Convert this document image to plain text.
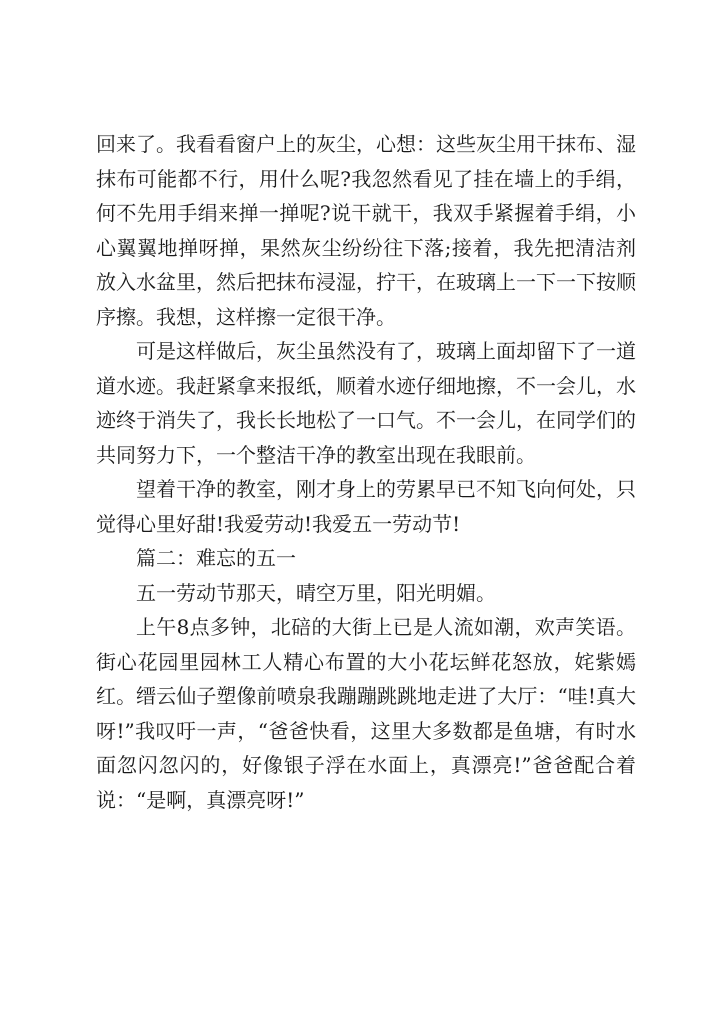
回来了。我看看窗户上的灰尘，心想：这些灰尘用干抹布、湿抹布可能都不行，用什么呢?我忽然看见了挂在墙上的手绢，何不先用手绢来掸一掸呢?说干就干，我双手紧握着手绢，小心翼翼地掸呀掸，果然灰尘纷纷往下落;接着，我先把清洁剂放入水盆里，然后把抹布浸湿，拧干，在玻璃上一下一下按顺序擦。我想，这样擦一定很干净。

可是这样做后，灰尘虽然没有了，玻璃上面却留下了一道道水迹。我赶紧拿来报纸，顺着水迹仔细地擦，不一会儿，水迹终于消失了，我长长地松了一口气。不一会儿，在同学们的共同努力下，一个整洁干净的教室出现在我眼前。

望着干净的教室，刚才身上的劳累早已不知飞向何处，只觉得心里好甜!我爱劳动!我爱五一劳动节!

篇二：难忘的五一

五一劳动节那天，晴空万里，阳光明媚。

上午8点多钟，北碚的大街上已是人流如潮，欢声笑语。街心花园里园林工人精心布置的大小花坛鲜花怒放，姹紫嫣红。缙云仙子塑像前喷泉我蹦蹦跳跳地走进了大厅：“哇!真大呀!”我叹吁一声，“爸爸快看，这里大多数都是鱼塘，有时水面忽闪忽闪的，好像银子浮在水面上，真漂亮!”爸爸配合着说：“是啊，真漂亮呀!”
